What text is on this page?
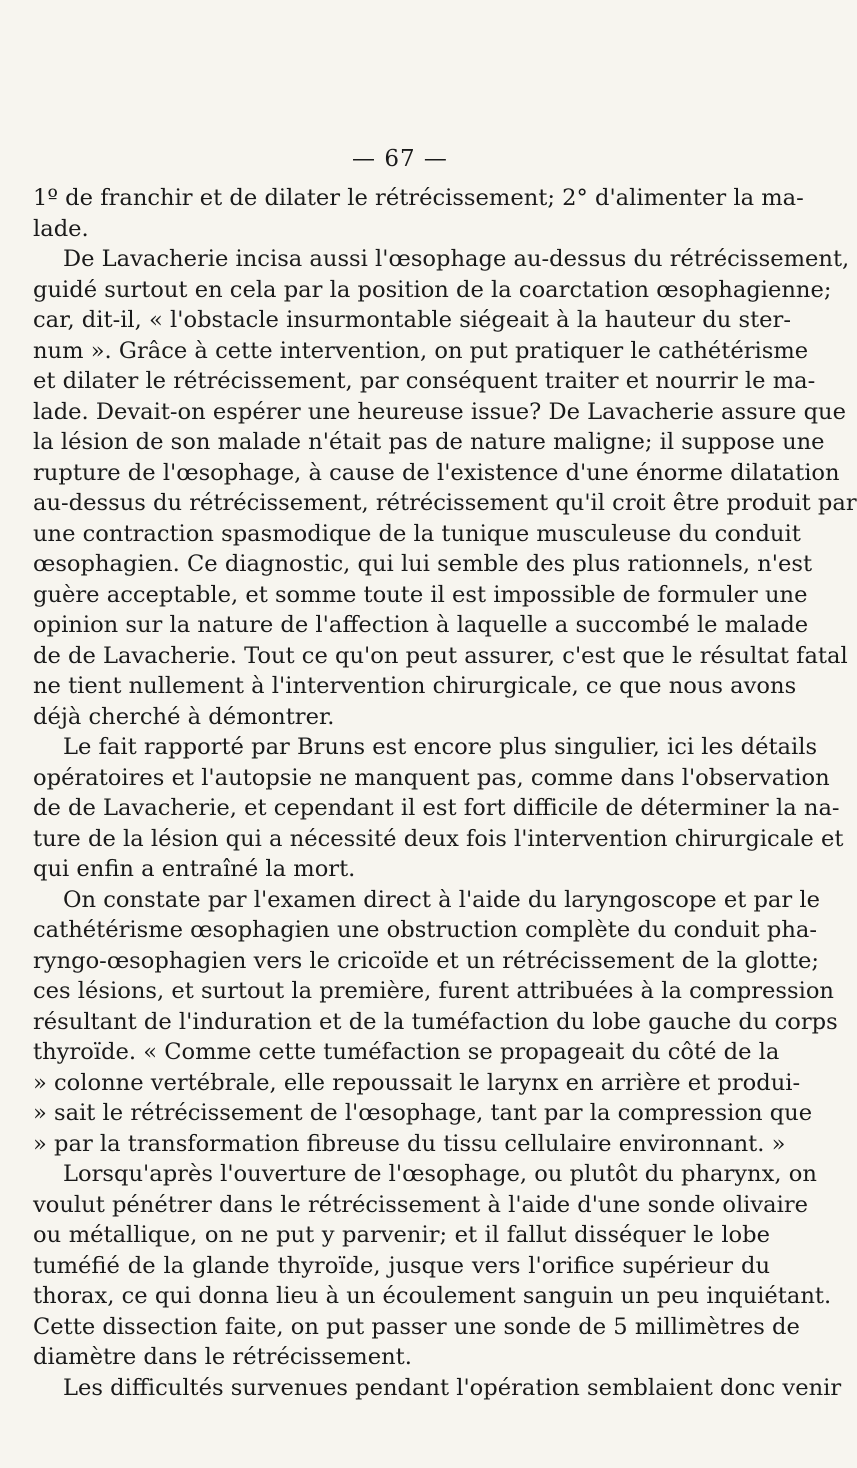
— 67 —
1º de franchir et de dilater le rétrécissement; 2° d'alimenter la ma-
lade.
De Lavacherie incisa aussi l'œsophage au-dessus du rétrécissement,
guidé surtout en cela par la position de la coarctation œsophagienne;
car, dit-il, « l'obstacle insurmontable siégeait à la hauteur du ster-
num ». Grâce à cette intervention, on put pratiquer le cathétérisme
et dilater le rétrécissement, par conséquent traiter et nourrir le ma-
lade. Devait-on espérer une heureuse issue? De Lavacherie assure que
la lésion de son malade n'était pas de nature maligne; il suppose une
rupture de l'œsophage, à cause de l'existence d'une énorme dilatation
au-dessus du rétrécissement, rétrécissement qu'il croit être produit par
une contraction spasmodique de la tunique musculeuse du conduit
œsophagien. Ce diagnostic, qui lui semble des plus rationnels, n'est
guère acceptable, et somme toute il est impossible de formuler une
opinion sur la nature de l'affection à laquelle a succombé le malade
de de Lavacherie. Tout ce qu'on peut assurer, c'est que le résultat fatal
ne tient nullement à l'intervention chirurgicale, ce que nous avons
déjà cherché à démontrer.
Le fait rapporté par Bruns est encore plus singulier, ici les détails
opératoires et l'autopsie ne manquent pas, comme dans l'observation
de de Lavacherie, et cependant il est fort difficile de déterminer la na-
ture de la lésion qui a nécessité deux fois l'intervention chirurgicale et
qui enfin a entraîné la mort.
On constate par l'examen direct à l'aide du laryngoscope et par le
cathétérisme œsophagien une obstruction complète du conduit pha-
ryngo-œsophagien vers le cricoïde et un rétrécissement de la glotte;
ces lésions, et surtout la première, furent attribuées à la compression
résultant de l'induration et de la tuméfaction du lobe gauche du corps
thyroïde. « Comme cette tuméfaction se propageait du côté de la
» colonne vertébrale, elle repoussait le larynx en arrière et produi-
» sait le rétrécissement de l'œsophage, tant par la compression que
» par la transformation fibreuse du tissu cellulaire environnant. »
Lorsqu'après l'ouverture de l'œsophage, ou plutôt du pharynx, on
voulut pénétrer dans le rétrécissement à l'aide d'une sonde olivaire
ou métallique, on ne put y parvenir; et il fallut disséquer le lobe
tuméfié de la glande thyroïde, jusque vers l'orifice supérieur du
thorax, ce qui donna lieu à un écoulement sanguin un peu inquiétant.
Cette dissection faite, on put passer une sonde de 5 millimètres de
diamètre dans le rétrécissement.
Les difficultés survenues pendant l'opération semblaient donc venir
